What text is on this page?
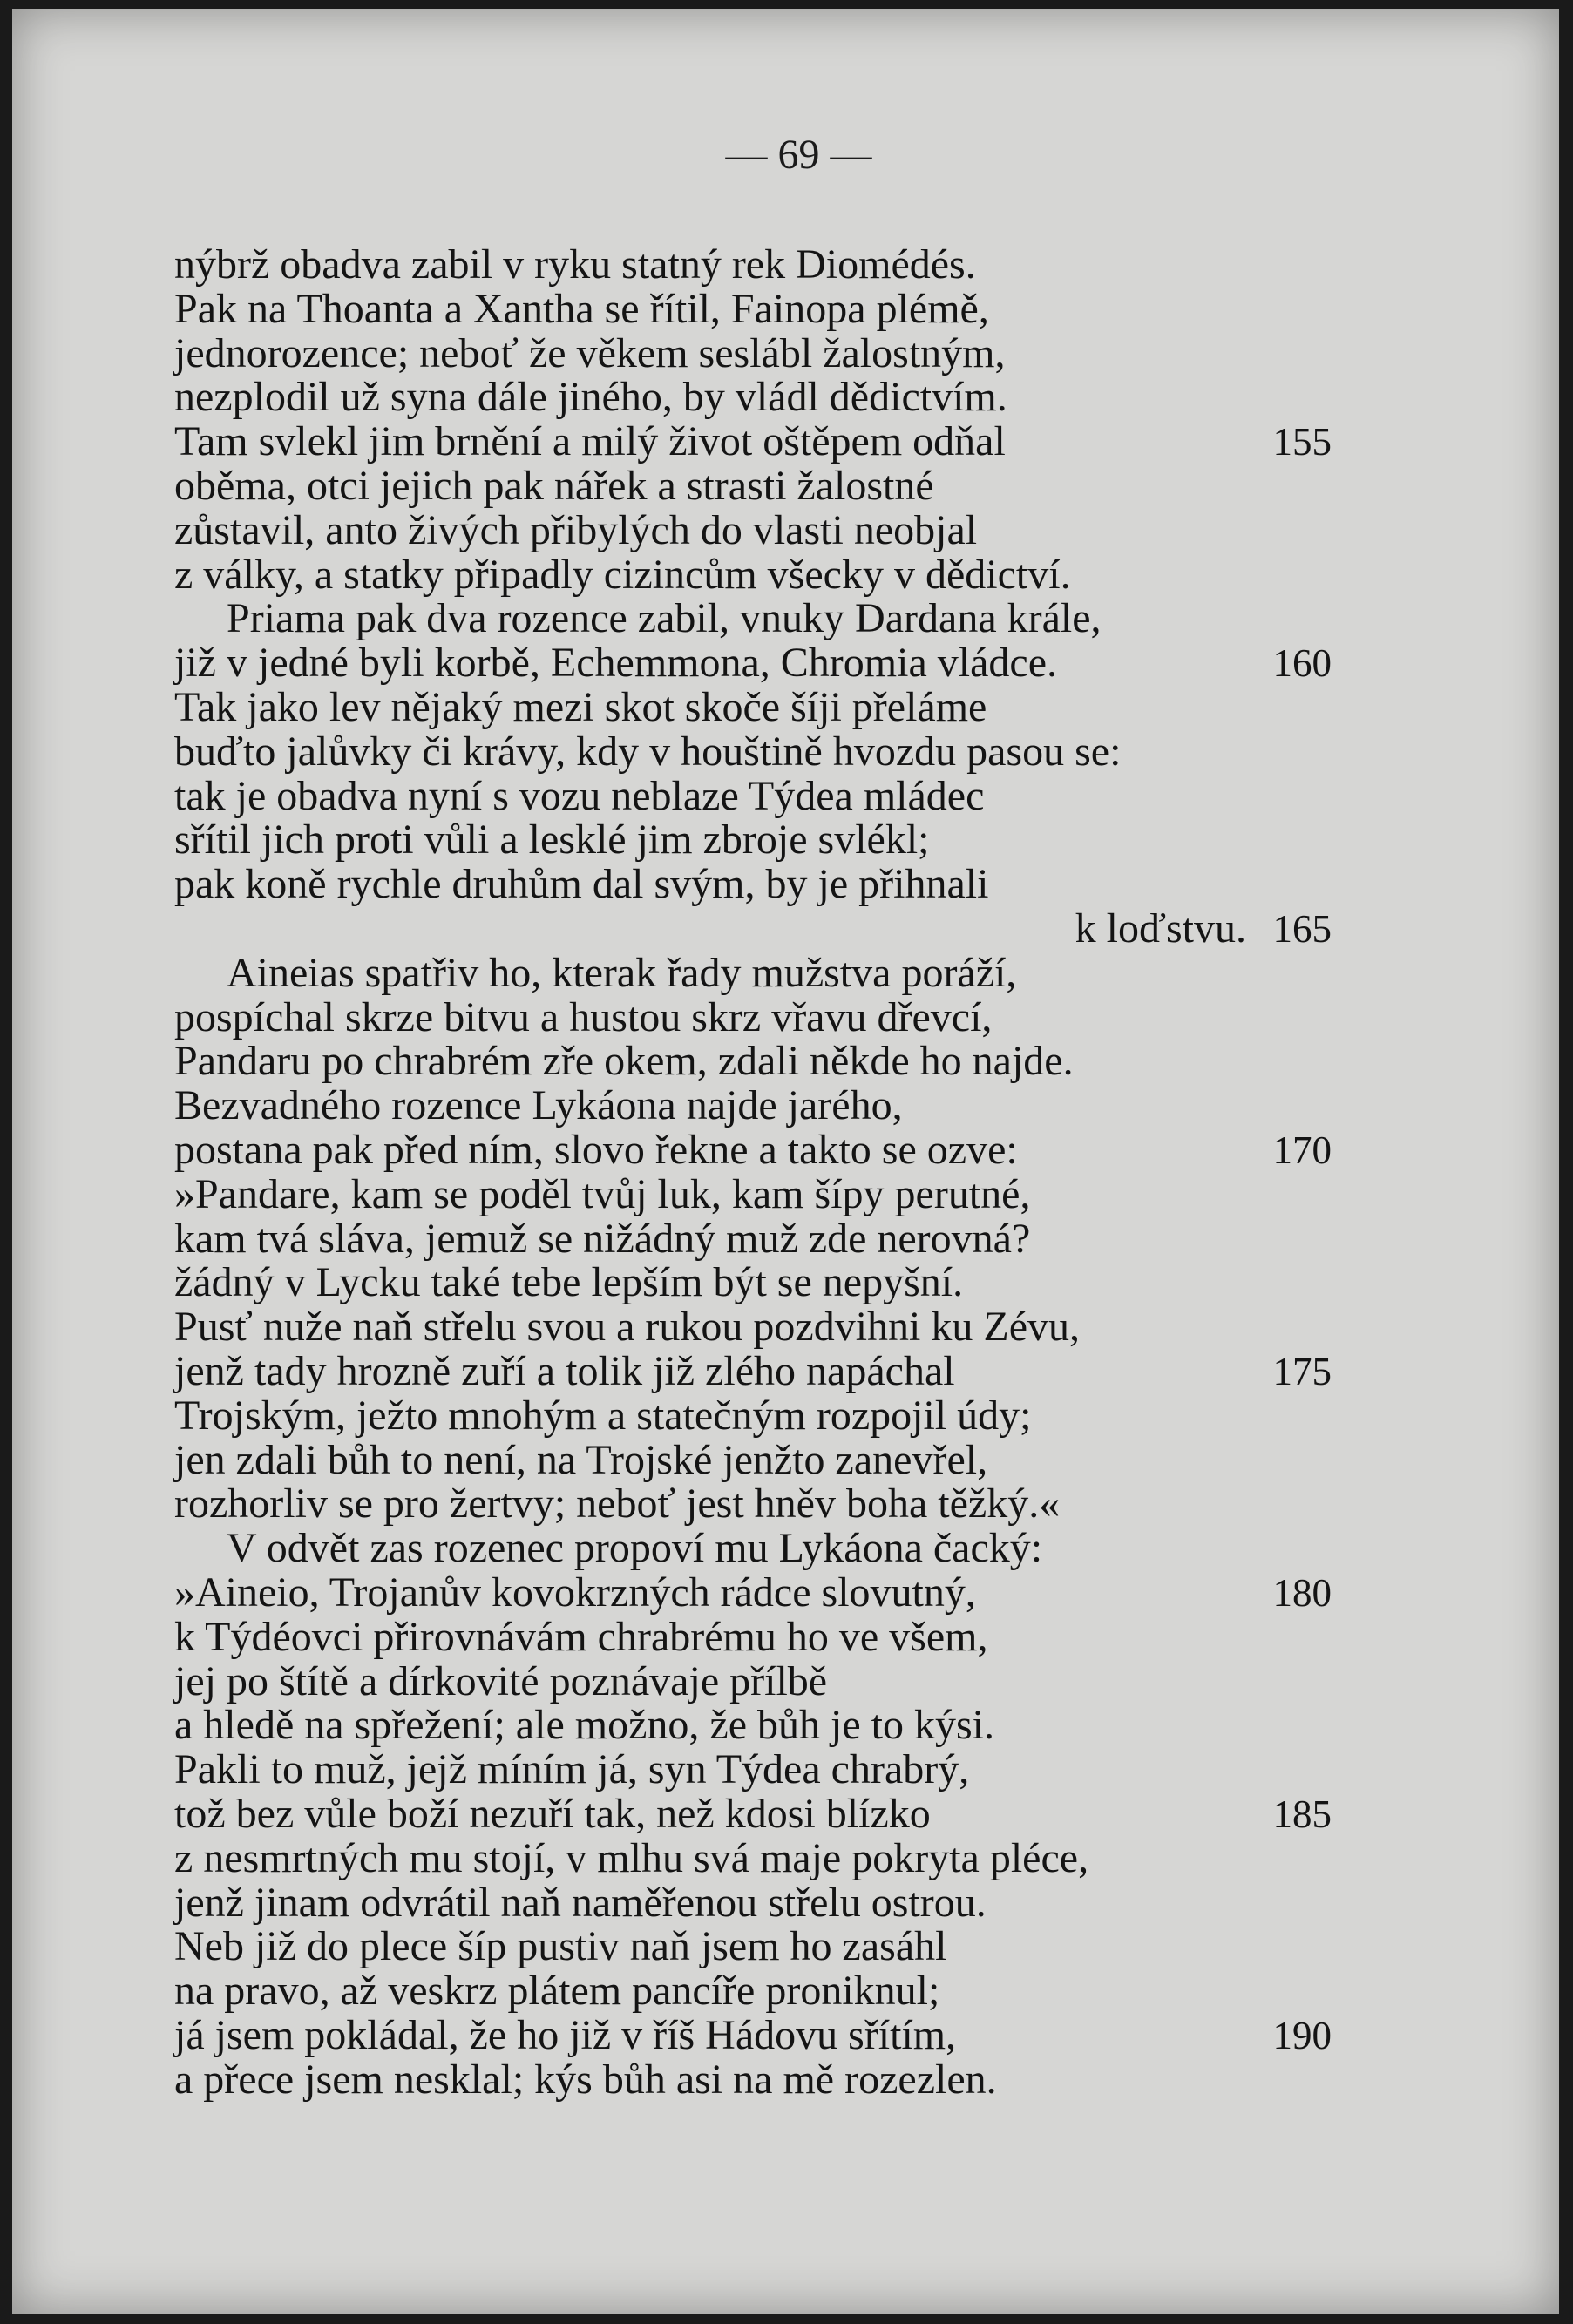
— 69 —
nýbrž obadva zabil v ryku statný rek Diomédés.
Pak na Thoanta a Xantha se řítil, Fainopa plémě,
jednorozence; neboť že věkem seslábl žalostným,
nezplodil už syna dále jiného, by vládl dědictvím.
Tam svlekl jim brnění a milý život oštěpem odňal	155
oběma, otci jejich pak nářek a strasti žalostné
zůstavil, anto živých přibylých do vlasti neobjal
z války, a statky připadly cizincům všecky v dědictví.
Priama pak dva rozence zabil, vnuky Dardana krále,
již v jedné byli korbě, Echemmona, Chromia vládce.	160
Tak jako lev nějaký mezi skot skoče šíji přeláme
buďto jalůvky či krávy, kdy v houštině hvozdu pasou se:
tak je obadva nyní s vozu neblaze Týdea mládec
sřítil jich proti vůli a lesklé jim zbroje svlékl;
pak koně rychle druhům dal svým, by je přihnali
k loďstvu. 165
Aineias spatřiv ho, kterak řady mužstva poráží,
pospíchal skrze bitvu a hustou skrz vřavu dřevcí,
Pandaru po chrabrém zře okem, zdali někde ho najde.
Bezvadného rozence Lykáona najde jarého,
postana pak před ním, slovo řekne a takto se ozve:	170
»Pandare, kam se poděl tvůj luk, kam šípy perutné,
kam tvá sláva, jemuž se nižádný muž zde nerovná?
žádný v Lycku také tebe lepším být se nepyšní.
Pusť nuže naň střelu svou a rukou pozdvihni ku Zévu,
jenž tady hrozně zuří a tolik již zlého napáchal	175
Trojským, ježto mnohým a statečným rozpojil údy;
jen zdali bůh to není, na Trojské jenžto zanevřel,
rozhorliv se pro žertvy; neboť jest hněv boha těžký.«
V odvět zas rozenec propoví mu Lykáona čacký:
»Aineio, Trojanův kovokrzných rádce slovutný,	180
k Týdéovci přirovnávám chrabrému ho ve všem,
jej po štítě a dírkovité poznávaje přílbě
a hledě na spřežení; ale možno, že bůh je to kýsi.
Pakli to muž, jejž míním já, syn Týdea chrabrý,
tož bez vůle boží nezuří tak, než kdosi blízko	185
z nesmrtných mu stojí, v mlhu svá maje pokryta pléce,
jenž jinam odvrátil naň naměřenou střelu ostrou.
Neb již do plece šíp pustiv naň jsem ho zasáhl
na pravo, až veskrz plátem pancíře proniknul;
já jsem pokládal, že ho již v říš Hádovu sřítím,	190
a přece jsem nesklal; kýs bůh asi na mě rozezlen.
